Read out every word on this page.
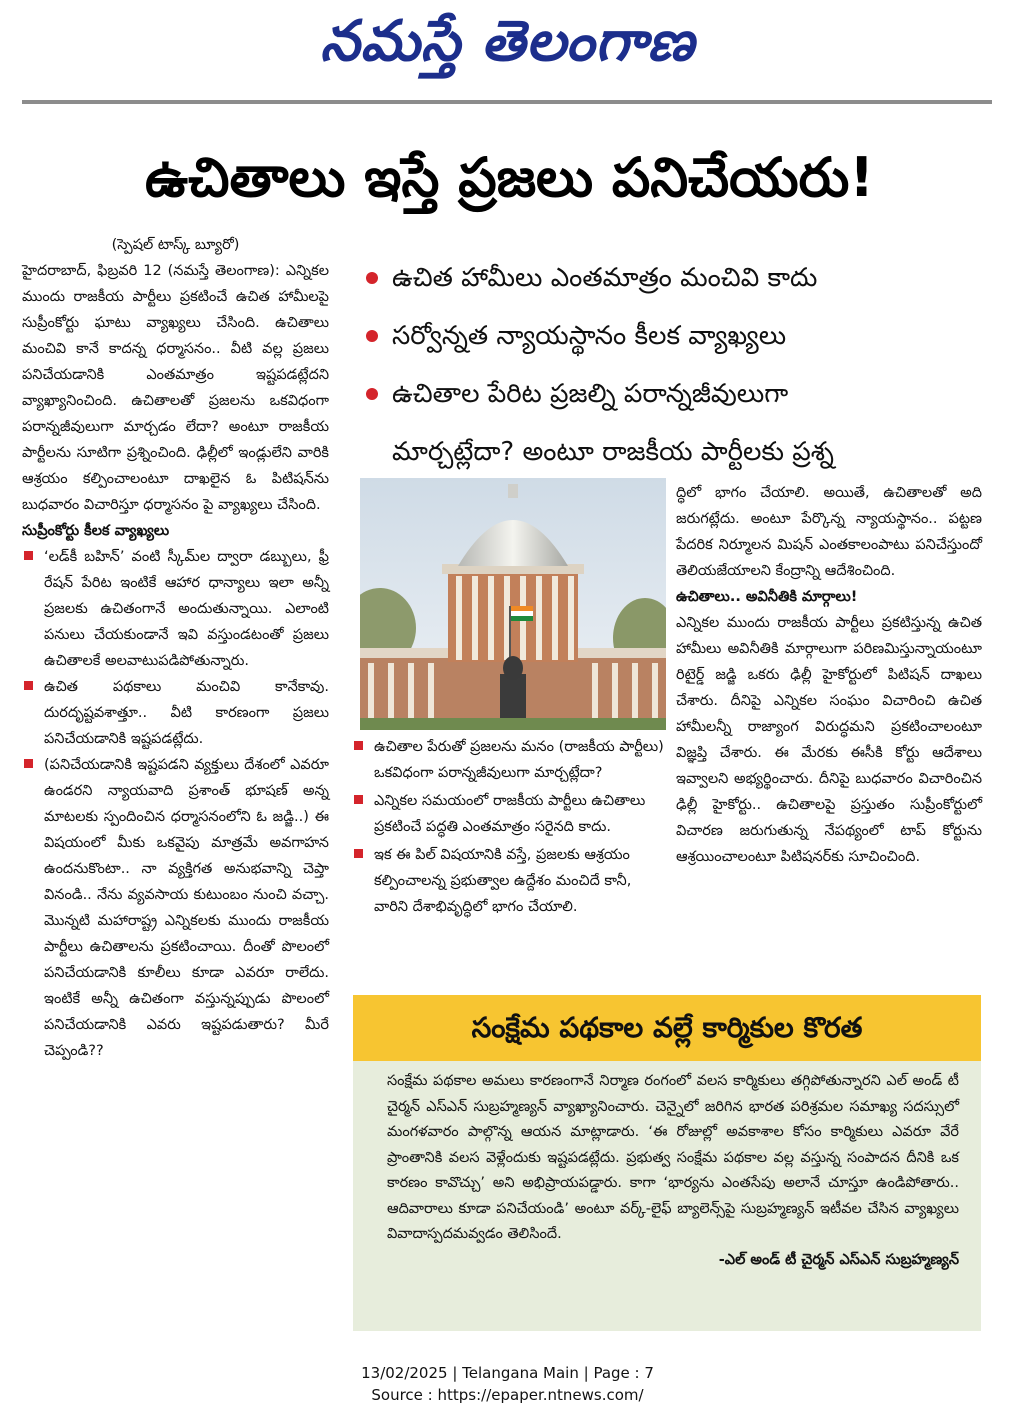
నమస్తే తెలంగాణ
ఉచితాలు ఇస్తే ప్రజలు పనిచేయరు!

(స్పెషల్ టాస్క్ బ్యూరో)

హైదరాబాద్, ఫిబ్రవరి 12 (నమస్తే తెలంగాణ): ఎన్నికల ముందు రాజకీయ పార్టీలు ప్రకటించే ఉచిత హామీలపై సుప్రీంకోర్టు ఘాటు వ్యాఖ్యలు చేసింది. ఉచితాలు మంచివి కానే కాదన్న ధర్మాసనం.. వీటి వల్ల ప్రజలు పనిచేయడానికి ఎంతమాత్రం ఇష్టపడట్లేదని వ్యాఖ్యానించింది. ఉచితాలతో ప్రజలను ఒకవిధంగా పరాన్నజీవులుగా మార్చడం లేదా? అంటూ రాజకీయ పార్టీలను సూటిగా ప్రశ్నించింది. ఢిల్లీలో ఇండ్లులేని వారికి ఆశ్రయం కల్పించాలంటూ దాఖలైన ఓ పిటిషన్‌ను బుధవారం విచారిస్తూ ధర్మాసనం పై వ్యాఖ్యలు చేసింది.

సుప్రీంకోర్టు కీలక వ్యాఖ్యలు

‘లడ్‌కీ బహిన్’ వంటి స్కీమ్‌ల ద్వారా డబ్బులు, ఫ్రీ రేషన్ పేరిట ఇంటికే ఆహార ధాన్యాలు ఇలా అన్నీ ప్రజలకు ఉచితంగానే అందుతున్నాయి. ఎలాంటి పనులు చేయకుండానే ఇవి వస్తుండటంతో ప్రజలు ఉచితాలకే అలవాటుపడిపోతున్నారు.
ఉచిత పథకాలు మంచివి కానేకావు. దురదృష్టవశాత్తూ.. వీటి కారణంగా ప్రజలు పనిచేయడానికి ఇష్టపడట్లేదు.
(పనిచేయడానికి ఇష్టపడని వ్యక్తులు దేశంలో ఎవరూ ఉండరని న్యాయవాది ప్రశాంత్ భూషణ్ అన్న మాటలకు స్పందించిన ధర్మాసనంలోని ఓ జడ్జి..) ఈ విషయంలో మీకు ఒకవైపు మాత్రమే అవగాహన ఉందనుకొంటా.. నా వ్యక్తిగత అనుభవాన్ని చెప్తా వినండి.. నేను వ్యవసాయ కుటుంబం నుంచి వచ్చా. మొన్నటి మహారాష్ట్ర ఎన్నికలకు ముందు రాజకీయ పార్టీలు ఉచితాలను ప్రకటించాయి. దీంతో పొలంలో పనిచేయడానికి కూలీలు కూడా ఎవరూ రాలేదు. ఇంటికే అన్నీ ఉచితంగా వస్తున్నప్పుడు పొలంలో పనిచేయడానికి ఎవరు ఇష్టపడుతారు? మీరే చెప్పండి??
ఉచిత హామీలు ఎంతమాత్రం మంచివి కాదు
సర్వోన్నత న్యాయస్థానం కీలక వ్యాఖ్యలు
ఉచితాల పేరిట ప్రజల్ని పరాన్నజీవులుగా
మార్చట్లేదా? అంటూ రాజకీయ పార్టీలకు ప్రశ్న
ఉచితాల పేరుతో ప్రజలను మనం (రాజకీయ పార్టీలు) ఒకవిధంగా పరాన్నజీవులుగా మార్చట్లేదా?
ఎన్నికల సమయంలో రాజకీయ పార్టీలు ఉచితాలు ప్రకటించే పద్ధతి ఎంతమాత్రం సరైనది కాదు.
ఇక ఈ పిల్ విషయానికి వస్తే, ప్రజలకు ఆశ్రయం కల్పించాలన్న ప్రభుత్వాల ఉద్దేశం మంచిదే కానీ, వారిని దేశాభివృద్ధిలో భాగం చేయాలి.

ద్ధిలో భాగం చేయాలి. అయితే, ఉచితాలతో అది జరుగట్లేదు. అంటూ పేర్కొన్న న్యాయస్థానం.. పట్టణ పేదరిక నిర్మూలన మిషన్ ఎంతకాలంపాటు పనిచేస్తుందో తెలియజేయాలని కేంద్రాన్ని ఆదేశించింది.

ఉచితాలు.. అవినీతికి మార్గాలు!

ఎన్నికల ముందు రాజకీయ పార్టీలు ప్రకటిస్తున్న ఉచిత హామీలు అవినీతికి మార్గాలుగా పరిణమిస్తున్నాయంటూ రిటైర్డ్ జడ్జి ఒకరు ఢిల్లీ హైకోర్టులో పిటిషన్ దాఖలు చేశారు. దీనిపై ఎన్నికల సంఘం విచారించి ఉచిత హామీలన్నీ రాజ్యాంగ విరుద్ధమని ప్రకటించాలంటూ విజ్ఞప్తి చేశారు. ఈ మేరకు ఈసీకి కోర్టు ఆదేశాలు ఇవ్వాలని అభ్యర్థించారు. దీనిపై బుధవారం విచారించిన ఢిల్లీ హైకోర్టు.. ఉచితాలపై ప్రస్తుతం సుప్రీంకోర్టులో విచారణ జరుగుతున్న నేపథ్యంలో టాప్ కోర్టును ఆశ్రయించాలంటూ పిటిషనర్‌కు సూచించింది.

సంక్షేమ పథకాల వల్లే కార్మికుల కొరత

సంక్షేమ పథకాల అమలు కారణంగానే నిర్మాణ రంగంలో వలస కార్మికులు తగ్గిపోతున్నారని ఎల్ అండ్ టీ చైర్మన్ ఎస్ఎన్ సుబ్రహ్మణ్యన్ వ్యాఖ్యానించారు. చెన్నైలో జరిగిన భారత పరిశ్రమల సమాఖ్య సదస్సులో మంగళవారం పాల్గొన్న ఆయన మాట్లాడారు. ‘ఈ రోజుల్లో అవకాశాల కోసం కార్మికులు ఎవరూ వేరే ప్రాంతానికి వలస వెళ్లేందుకు ఇష్టపడట్లేదు. ప్రభుత్వ సంక్షేమ పథకాల వల్ల వస్తున్న సంపాదన దీనికి ఒక కారణం కావొచ్చు’ అని అభిప్రాయపడ్డారు. కాగా ‘భార్యను ఎంతసేపు అలానే చూస్తూ ఉండిపోతారు.. ఆదివారాలు కూడా పనిచేయండి’ అంటూ వర్క్-లైఫ్ బ్యాలెన్స్‌పై సుబ్రహ్మణ్యన్ ఇటీవల చేసిన వ్యాఖ్యలు వివాదాస్పదమవ్వడం తెలిసిందే.

-ఎల్ అండ్ టీ చైర్మన్ ఎస్ఎన్ సుబ్రహ్మణ్యన్

13/02/2025 | Telangana Main | Page : 7
Source : https://epaper.ntnews.com/
